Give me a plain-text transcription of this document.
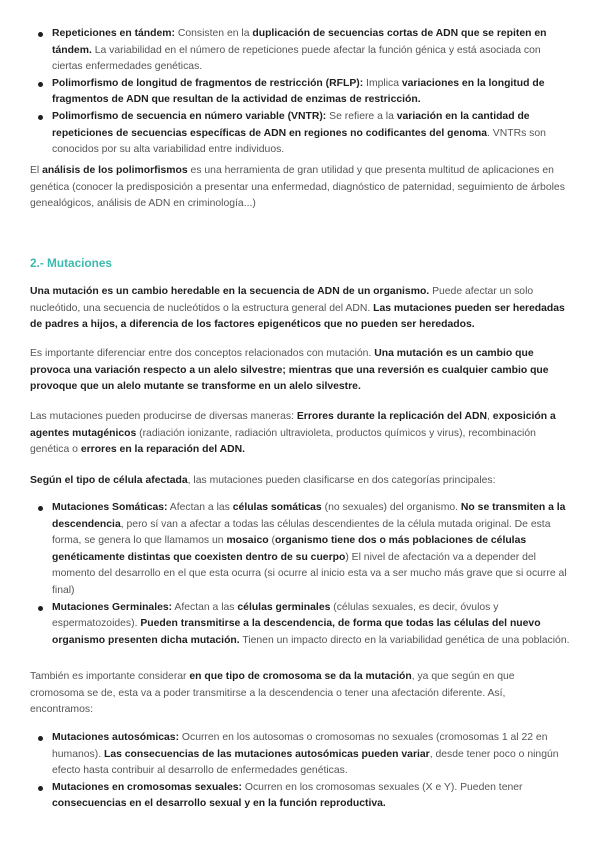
Repeticiones en tándem: Consisten en la duplicación de secuencias cortas de ADN que se repiten en tándem. La variabilidad en el número de repeticiones puede afectar la función génica y está asociada con ciertas enfermedades genéticas.
Polimorfismo de longitud de fragmentos de restricción (RFLP): Implica variaciones en la longitud de fragmentos de ADN que resultan de la actividad de enzimas de restricción.
Polimorfismo de secuencia en número variable (VNTR): Se refiere a la variación en la cantidad de repeticiones de secuencias específicas de ADN en regiones no codificantes del genoma. VNTRs son conocidos por su alta variabilidad entre individuos.

El análisis de los polimorfismos es una herramienta de gran utilidad y que presenta multitud de aplicaciones en genética (conocer la predisposición a presentar una enfermedad, diagnóstico de paternidad, seguimiento de árboles genealógicos, análisis de ADN en criminología...)

2.- Mutaciones

Una mutación es un cambio heredable en la secuencia de ADN de un organismo. Puede afectar un solo nucleótido, una secuencia de nucleótidos o la estructura general del ADN. Las mutaciones pueden ser heredadas de padres a hijos, a diferencia de los factores epigenéticos que no pueden ser heredados.

Es importante diferenciar entre dos conceptos relacionados con mutación. Una mutación es un cambio que provoca una variación respecto a un alelo silvestre; mientras que una reversión es cualquier cambio que provoque que un alelo mutante se transforme en un alelo silvestre.

Las mutaciones pueden producirse de diversas maneras: Errores durante la replicación del ADN, exposición a agentes mutagénicos (radiación ionizante, radiación ultravioleta, productos químicos y virus), recombinación genética o errores en la reparación del ADN.

Según el tipo de célula afectada, las mutaciones pueden clasificarse en dos categorías principales:

Mutaciones Somáticas: Afectan a las células somáticas (no sexuales) del organismo. No se transmiten a la descendencia, pero sí van a afectar a todas las células descendientes de la célula mutada original. De esta forma, se genera lo que llamamos un mosaico (organismo tiene dos o más poblaciones de células genéticamente distintas que coexisten dentro de su cuerpo) El nivel de afectación va a depender del momento del desarrollo en el que esta ocurra (si ocurre al inicio esta va a ser mucho más grave que si ocurre al final)
Mutaciones Germinales: Afectan a las células germinales (células sexuales, es decir, óvulos y espermatozoides). Pueden transmitirse a la descendencia, de forma que todas las células del nuevo organismo presenten dicha mutación. Tienen un impacto directo en la variabilidad genética de una población.

También es importante considerar en que tipo de cromosoma se da la mutación, ya que según en que cromosoma se de, esta va a poder transmitirse a la descendencia o tener una afectación diferente. Así, encontramos:

Mutaciones autosómicas: Ocurren en los autosomas o cromosomas no sexuales (cromosomas 1 al 22 en humanos). Las consecuencias de las mutaciones autosómicas pueden variar, desde tener poco o ningún efecto hasta contribuir al desarrollo de enfermedades genéticas.
Mutaciones en cromosomas sexuales: Ocurren en los cromosomas sexuales (X e Y). Pueden tener consecuencias en el desarrollo sexual y en la función reproductiva.
